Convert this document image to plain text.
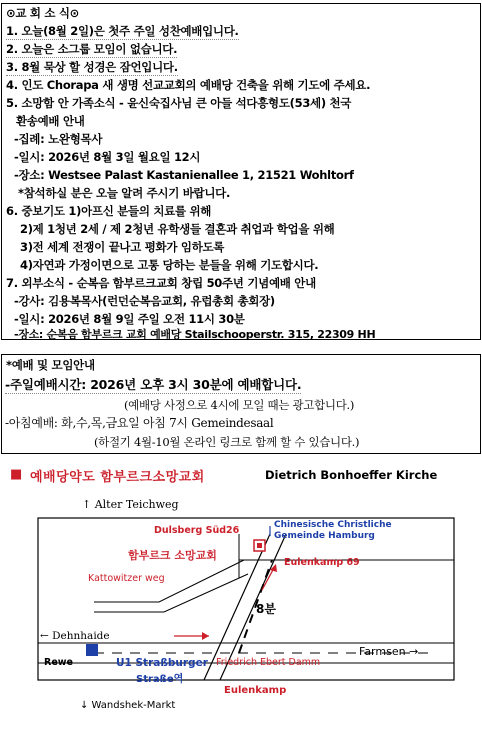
⊙교 회 소 식⊙
1. 오늘(8월 2일)은 첫주 주일 성찬예배입니다.
2. 오늘은 소그룹 모임이 없습니다.
3. 8월 묵상 할 성경은 잠언입니다.
4. 인도 Chorapa 새 생명 선교교회의 예배당 건축을 위해 기도에 주세요.
5. 소망함 안 가족소식 - 윤신숙집사님 큰 아들 석다흥형도(53세) 천국
환송예배 안내
-집례: 노완형목사
-일시: 2026년 8월 3일 월요일 12시
-장소: Westsee Palast Kastanienallee 1, 21521 Wohltorf
*참석하실 분은 오늘 알려 주시기 바랍니다.
6. 중보기도 1)아프신 분들의 치료를 위해
2)제 1청년 2세 / 제 2청년 유학생들 결혼과 취업과 학업을 위해
3)전 세계 전쟁이 끝나고 평화가 임하도록
4)자연과 가정이면으로 고통 당하는 분들을 위해 기도합시다.
7. 외부소식 - 순복음 함부르크교회 창립 50주년 기념예배 안내
-강사: 김용복목사(런던순복음교회, 유럽총회 총회장)
-일시: 2026년 8월 9일 주일 오전 11시 30분
-장소: 순복음 함부르크 교회 예배당 Stailschooperstr. 315, 22309 HH
*예배 및 모임안내
-주일예배시간: 2026년 오후 3시 30분에 예배합니다.
(예배당 사정으로 4시에 모일 때는 광고합니다.)
-아침예배: 화,수,목,금요일 아침 7시 Gemeindesaal
(하절기 4월-10월 온라인 링크로 함께 할 수 있습니다.)
■ 예배당약도 함부르크소망교회	Dietrich Bonhoeffer Kirche
↑ Alter Teichweg
Dulsberg Süd26	Chinesische Christliche Gemeinde Hamburg
함부르크 소망교회
Eulenkamp 69
Kattowitzer weg
8분
← Dehnhaide
Rewe
Farmsen →
U1 Straßburger
Straße역
Friedrich Ebert Damm
Eulenkamp
↓ Wandshek-Markt
